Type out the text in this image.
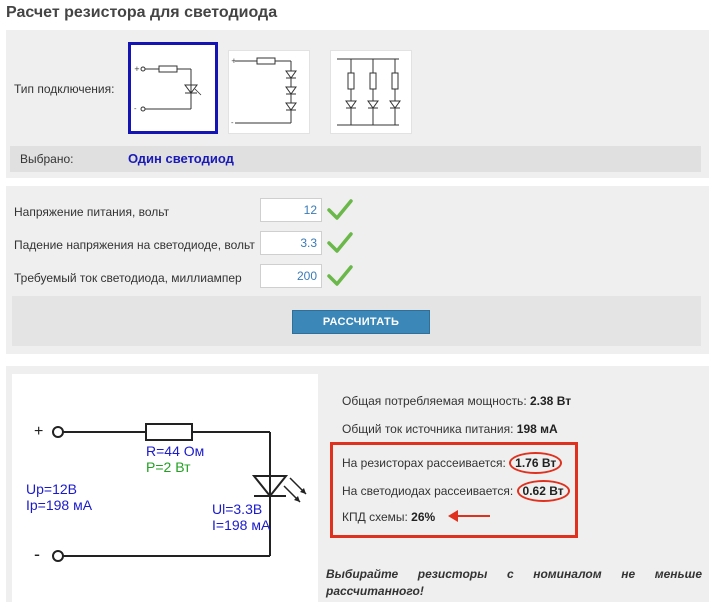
Расчет резистора для светодиода
Тип подключения:
+
-
+
-
Выбрано:	Один светодиод
Напряжение питания, вольт
12
Падение напряжения на светодиоде, вольт
3.3
Требуемый ток светодиода, миллиампер
200
РАССЧИТАТЬ
+
-
R=44 Ом
P=2 Вт
Up=12В
Ip=198 мА	Ul=3.3В
I=198 мА
Общая потребляемая мощность: 2.38 Вт
Общий ток источника питания: 198 мА
На резисторах рассеивается: 1.76 Вт
На светодиодах рассеивается: 0.62 Вт
КПД схемы: 26%
Выбирайте резисторы с номиналом не меньше
рассчитанного!
